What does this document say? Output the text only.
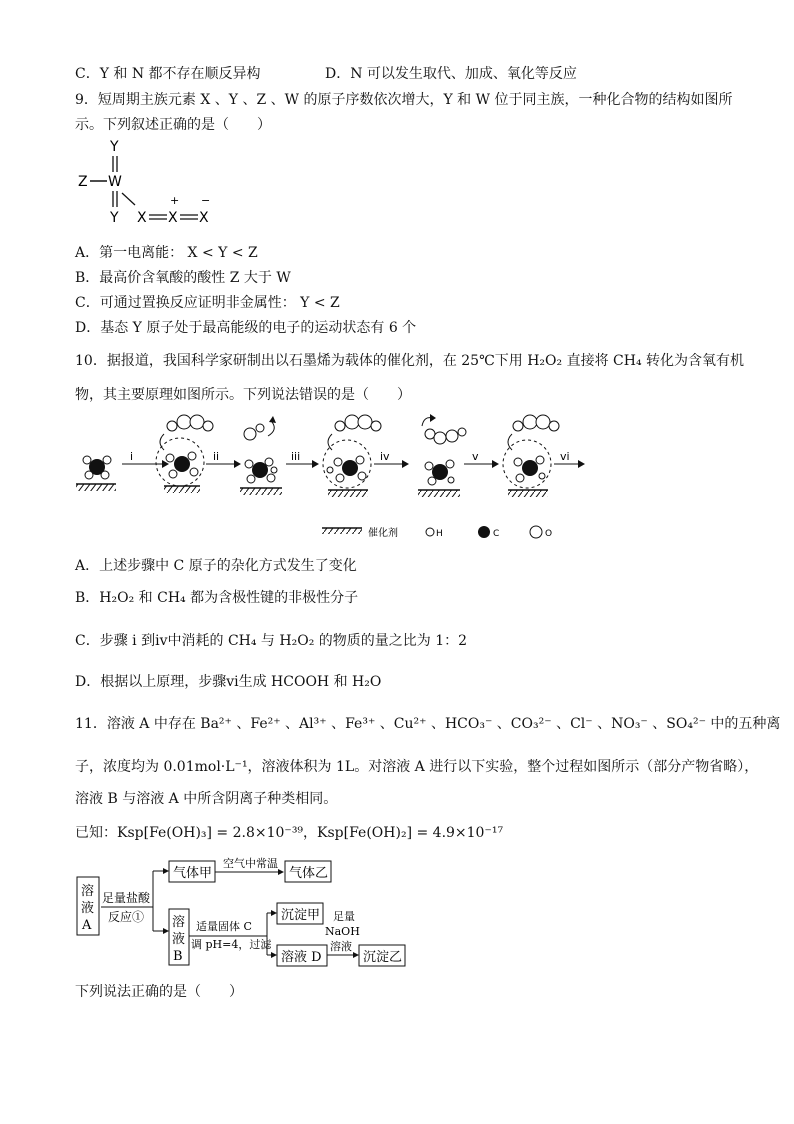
C．Y 和 N 都不存在顺反异构	D．N 可以发生取代、加成、氧化等反应
9．短周期主族元素 X 、Y 、Z 、W 的原子序数依次增大，Y 和 W 位于同主族，一种化合物的结构如图所
示。下列叙述正确的是（　　）
Y
Z W
Y X X
+
X
−
A．第一电离能： X < Y < Z
B．最高价含氧酸的酸性 Z 大于 W
C．可通过置换反应证明非金属性： Y < Z
D．基态 Y 原子处于最高能级的电子的运动状态有 6 个
10．据报道，我国科学家研制出以石墨烯为载体的催化剂，在 25℃下用 H₂O₂ 直接将 CH₄ 转化为含氧有机
物，其主要原理如图所示。下列说法错误的是（　　）
i	ii	iii	iv	v	vi
催化剂	H	C	O
A．上述步骤中 C 原子的杂化方式发生了变化
B．H₂O₂ 和 CH₄ 都为含极性键的非极性分子
C．步骤 i 到iv中消耗的 CH₄ 与 H₂O₂ 的物质的量之比为 1：2
D．根据以上原理，步骤vi生成 HCOOH 和 H₂O
11．溶液 A 中存在 Ba²⁺ 、Fe²⁺ 、Al³⁺ 、Fe³⁺ 、Cu²⁺ 、HCO₃⁻ 、CO₃²⁻ 、Cl⁻ 、NO₃⁻ 、SO₄²⁻ 中的五种离
子，浓度均为 0.01mol·L⁻¹，溶液体积为 1L。对溶液 A 进行以下实验，整个过程如图所示（部分产物省略），
溶液 B 与溶液 A 中所含阴离子种类相同。
已知：Ksp[Fe(OH)₃] = 2.8×10⁻³⁹，Ksp[Fe(OH)₂] = 4.9×10⁻¹⁷
溶
液
A
足量盐酸
反应①
气体甲
空气中常温
气体乙
溶
液
B
适量固体 C
调 pH=4，过滤
沉淀甲
溶液 D
足量
NaOH
溶液
沉淀乙
下列说法正确的是（　　）
